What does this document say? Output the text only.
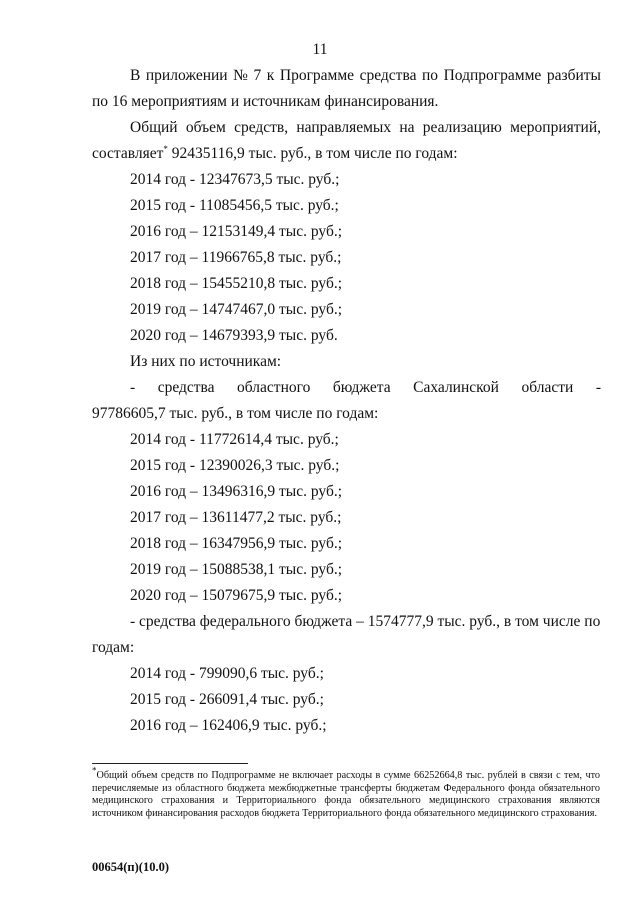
11
В приложении № 7 к Программе средства по Подпрограмме разбиты
по 16 мероприятиям и источникам финансирования.
Общий объем средств, направляемых на реализацию мероприятий,
составляет* 92435116,9 тыс. руб., в том числе по годам:
2014 год - 12347673,5 тыс. руб.;
2015 год - 11085456,5 тыс. руб.;
2016 год – 12153149,4 тыс. руб.;
2017 год – 11966765,8 тыс. руб.;
2018 год – 15455210,8 тыс. руб.;
2019 год – 14747467,0 тыс. руб.;
2020 год – 14679393,9 тыс. руб.
Из них по источникам:
- средства областного бюджета Сахалинской области -
97786605,7 тыс. руб., в том числе по годам:
2014 год - 11772614,4 тыс. руб.;
2015 год - 12390026,3 тыс. руб.;
2016 год – 13496316,9 тыс. руб.;
2017 год – 13611477,2 тыс. руб.;
2018 год – 16347956,9 тыс. руб.;
2019 год – 15088538,1 тыс. руб.;
2020 год – 15079675,9 тыс. руб.;
- средства федерального бюджета – 1574777,9 тыс. руб., в том числе по
годам:
2014 год - 799090,6 тыс. руб.;
2015 год - 266091,4 тыс. руб.;
2016 год – 162406,9 тыс. руб.;
*Общий объем средств по Подпрограмме не включает расходы в сумме 66252664,8 тыс. рублей в связи с тем, что перечисляемые из областного бюджета межбюджетные трансферты бюджетам Федерального фонда обязательного медицинского страхования и Территориального фонда обязательного медицинского страхования являются источником финансирования расходов бюджета Территориального фонда обязательного медицинского страхования.
00654(п)(10.0)
